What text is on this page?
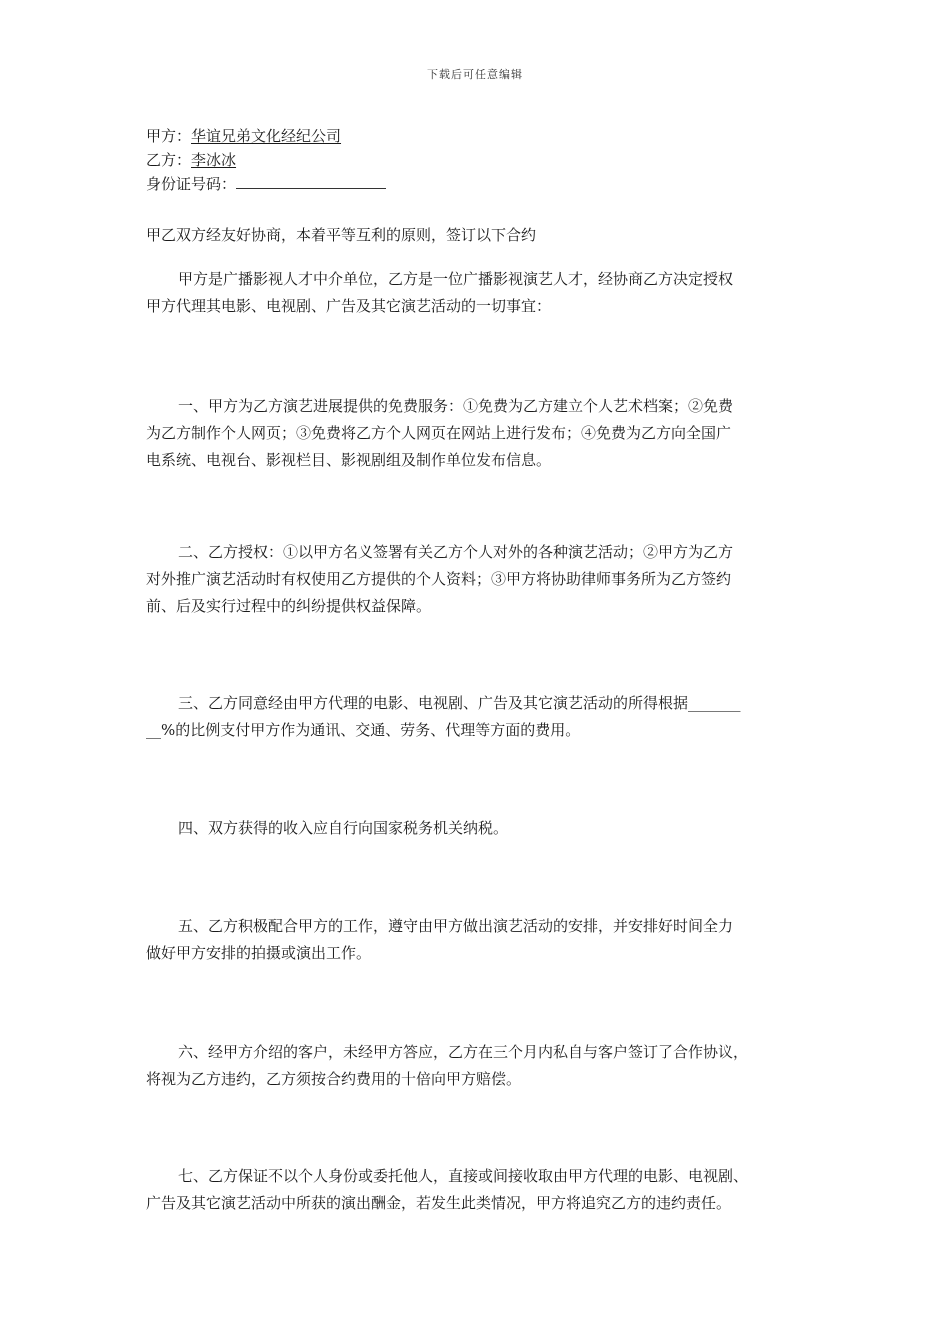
下载后可任意编辑
甲方：华谊兄弟文化经纪公司
乙方：李冰冰
身份证号码：
甲乙双方经友好协商，本着平等互利的原则，签订以下合约
甲方是广播影视人才中介单位，乙方是一位广播影视演艺人才，经协商乙方决定授权
甲方代理其电影、电视剧、广告及其它演艺活动的一切事宜：
一、甲方为乙方演艺进展提供的免费服务：①免费为乙方建立个人艺术档案；②免费
为乙方制作个人网页；③免费将乙方个人网页在网站上进行发布；④免费为乙方向全国广
电系统、电视台、影视栏目、影视剧组及制作单位发布信息。
二、乙方授权：①以甲方名义签署有关乙方个人对外的各种演艺活动；②甲方为乙方
对外推广演艺活动时有权使用乙方提供的个人资料；③甲方将协助律师事务所为乙方签约
前、后及实行过程中的纠纷提供权益保障。
三、乙方同意经由甲方代理的电影、电视剧、广告及其它演艺活动的所得根据_______
__%的比例支付甲方作为通讯、交通、劳务、代理等方面的费用。
四、双方获得的收入应自行向国家税务机关纳税。
五、乙方积极配合甲方的工作，遵守由甲方做出演艺活动的安排，并安排好时间全力
做好甲方安排的拍摄或演出工作。
六、经甲方介绍的客户，未经甲方答应，乙方在三个月内私自与客户签订了合作协议，
将视为乙方违约，乙方须按合约费用的十倍向甲方赔偿。
七、乙方保证不以个人身份或委托他人，直接或间接收取由甲方代理的电影、电视剧、
广告及其它演艺活动中所获的演出酬金，若发生此类情况，甲方将追究乙方的违约责任。
